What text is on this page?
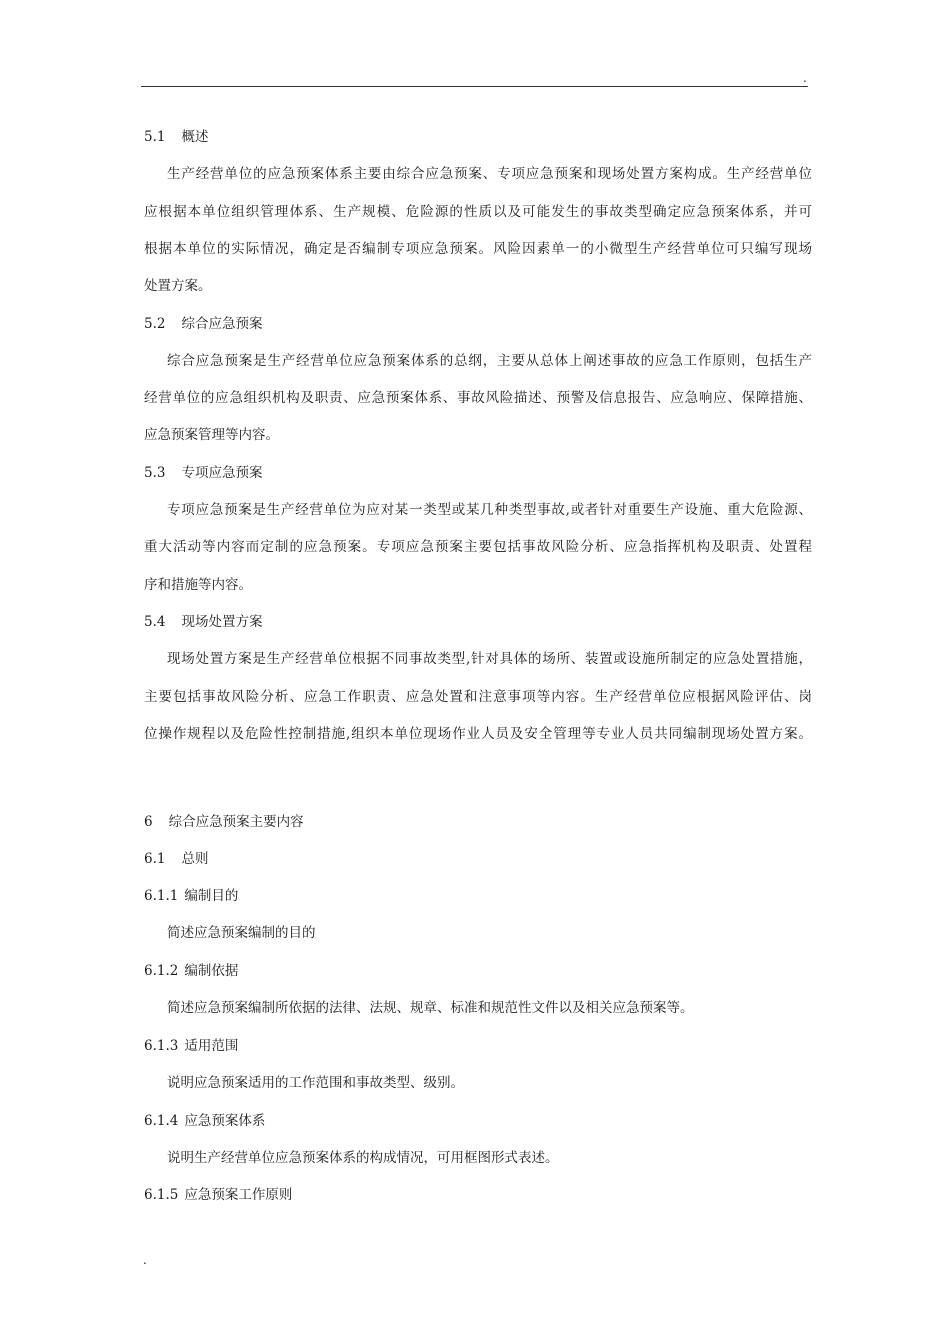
.
5.1 概述
生产经营单位的应急预案体系主要由综合应急预案、专项应急预案和现场处置方案构成。生产经营单位
应根据本单位组织管理体系、生产规模、危险源的性质以及可能发生的事故类型确定应急预案体系，并可
根据本单位的实际情况，确定是否编制专项应急预案。风险因素单一的小微型生产经营单位可只编写现场
处置方案。
5.2 综合应急预案
综合应急预案是生产经营单位应急预案体系的总纲，主要从总体上阐述事故的应急工作原则，包括生产
经营单位的应急组织机构及职责、应急预案体系、事故风险描述、预警及信息报告、应急响应、保障措施、
应急预案管理等内容。
5.3 专项应急预案
专项应急预案是生产经营单位为应对某一类型或某几种类型事故,或者针对重要生产设施、重大危险源、
重大活动等内容而定制的应急预案。专项应急预案主要包括事故风险分析、应急指挥机构及职责、处置程
序和措施等内容。
5.4 现场处置方案
现场处置方案是生产经营单位根据不同事故类型,针对具体的场所、装置或设施所制定的应急处置措施，
主要包括事故风险分析、应急工作职责、应急处置和注意事项等内容。生产经营单位应根据风险评估、岗
位操作规程以及危险性控制措施,组织本单位现场作业人员及安全管理等专业人员共同编制现场处置方案。
6 综合应急预案主要内容
6.1 总则
6.1.1 编制目的
简述应急预案编制的目的
6.1.2 编制依据
简述应急预案编制所依据的法律、法规、规章、标准和规范性文件以及相关应急预案等。
6.1.3 适用范围
说明应急预案适用的工作范围和事故类型、级别。
6.1.4 应急预案体系
说明生产经营单位应急预案体系的构成情况，可用框图形式表述。
6.1.5 应急预案工作原则
.
